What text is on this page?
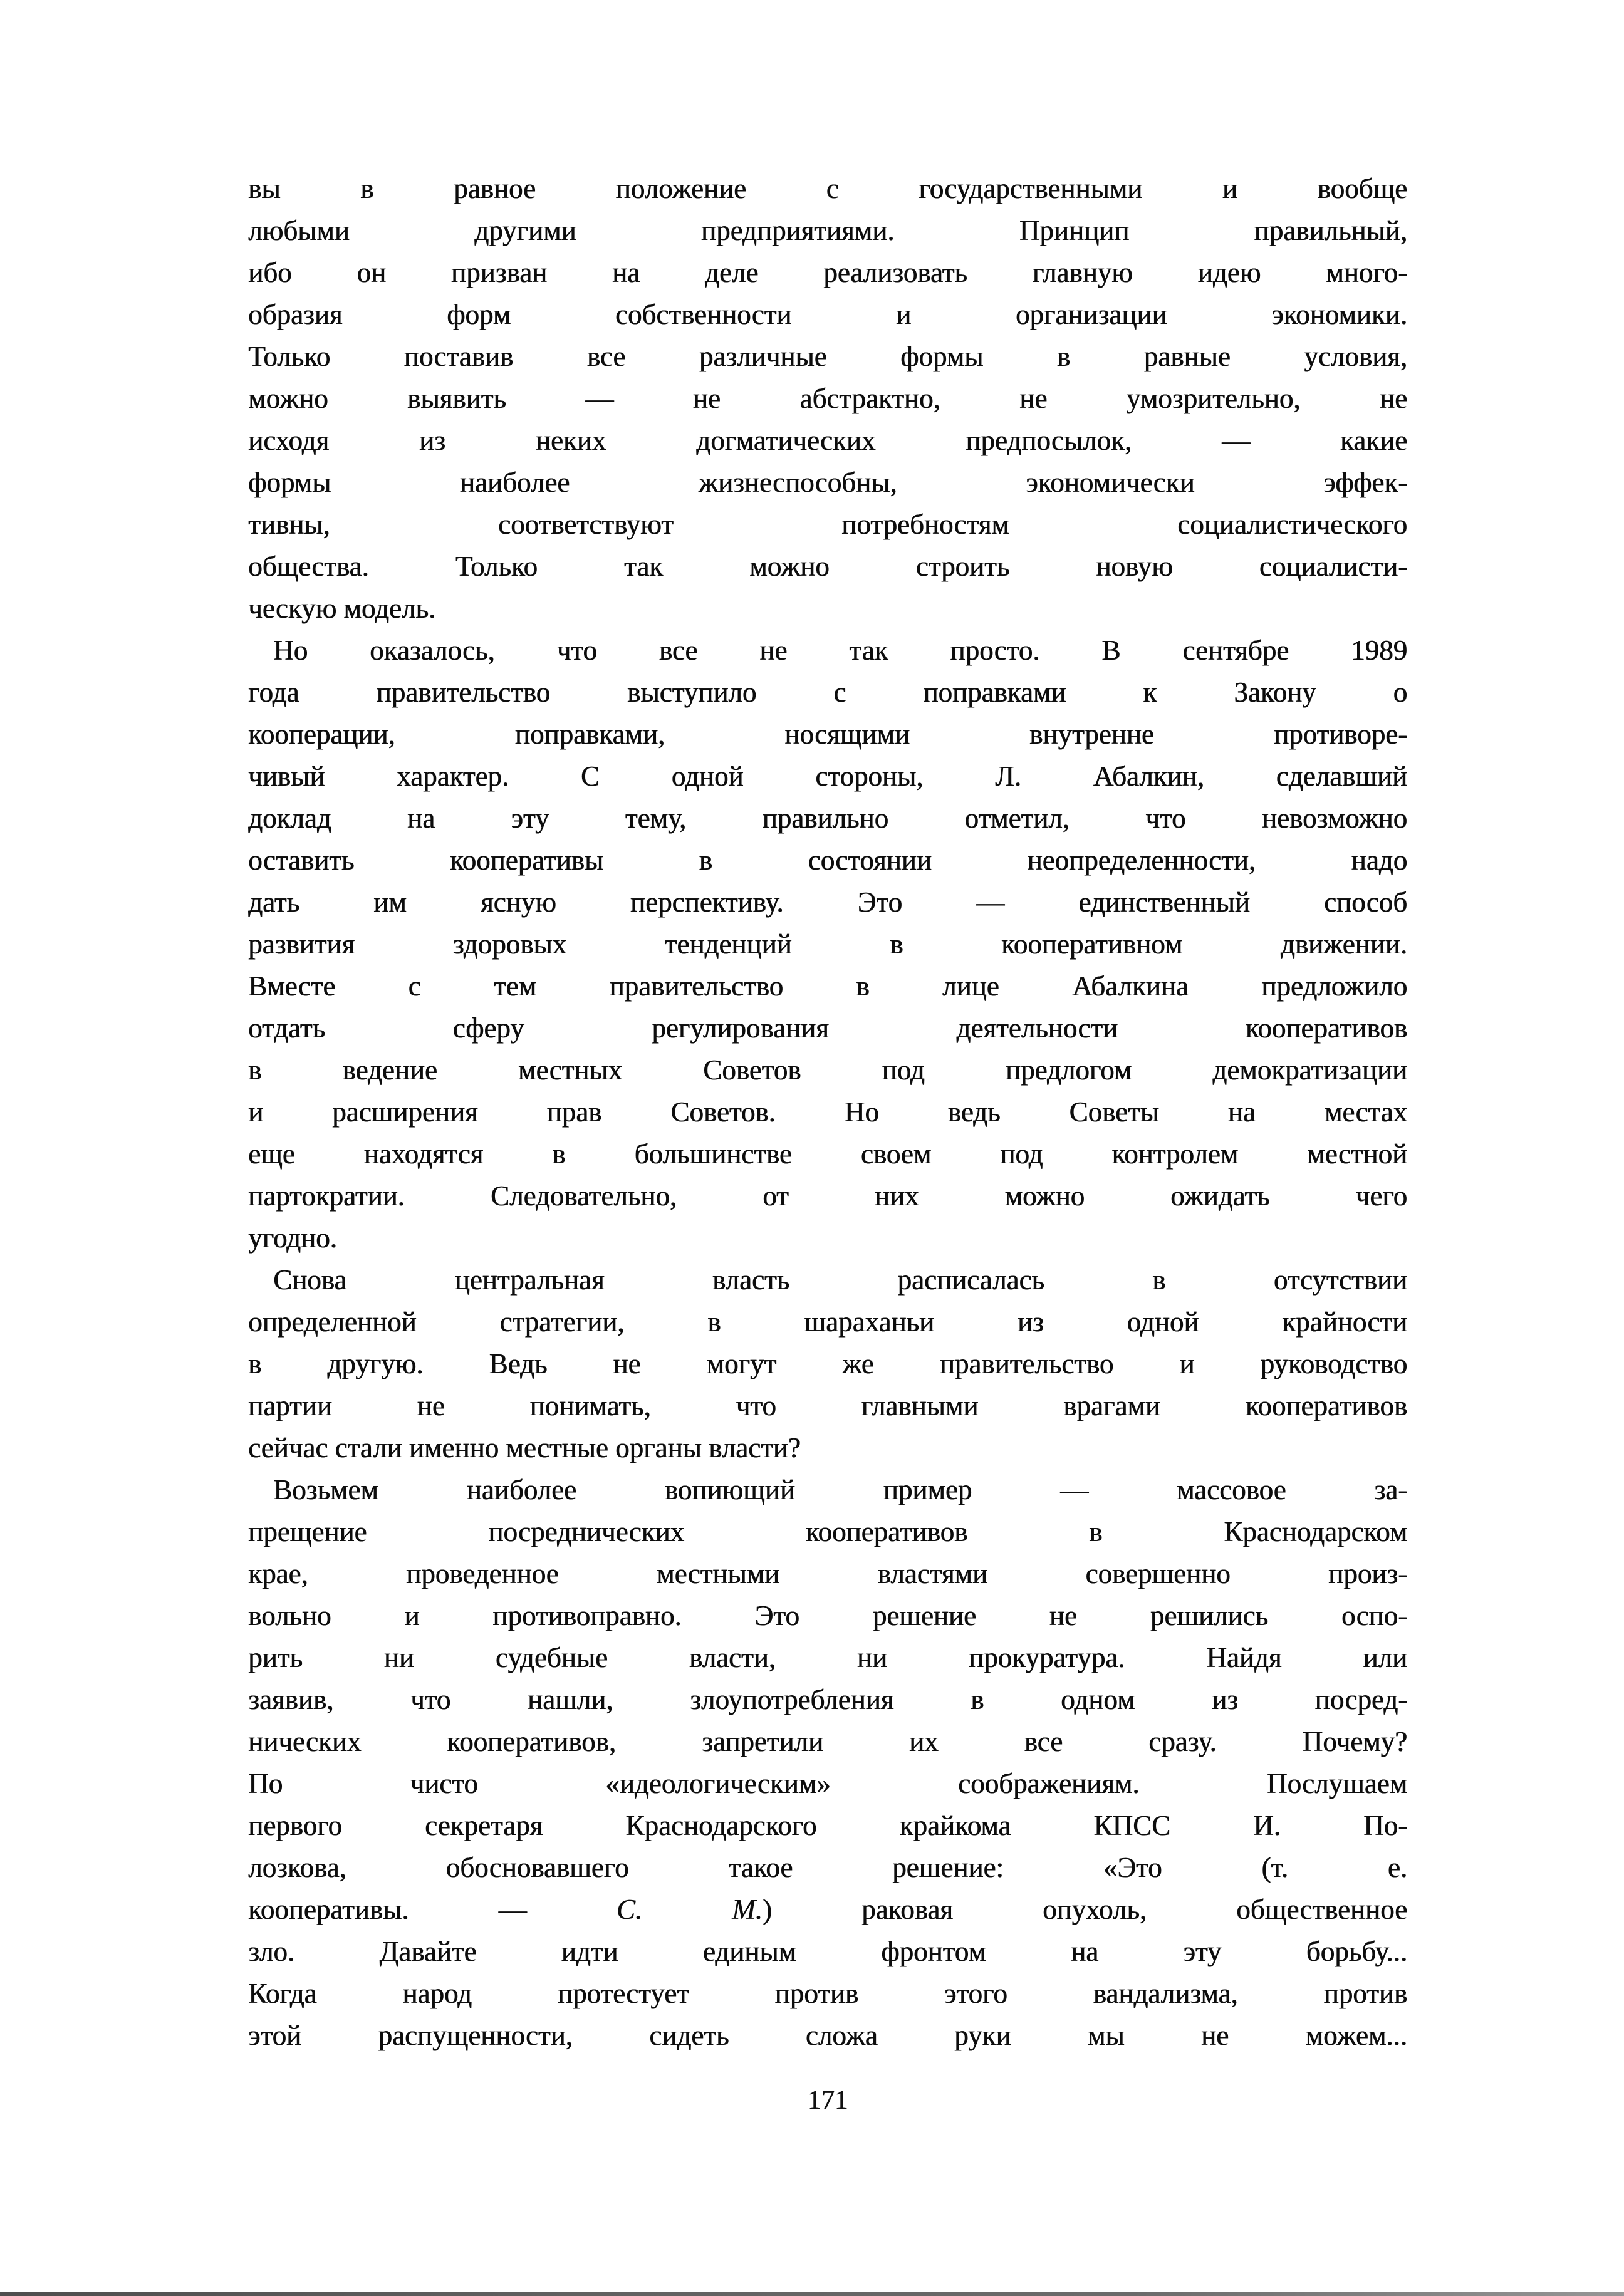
вы в равное положение с государственными и вообще
любыми другими предприятиями. Принцип правильный,
ибо он призван на деле реализовать главную идею много-
образия форм собственности и организации экономики.
Только поставив все различные формы в равные условия,
можно выявить — не абстрактно, не умозрительно, не
исходя из неких догматических предпосылок, — какие
формы наиболее жизнеспособны, экономически эффек-
тивны, соответствуют потребностям социалистического
общества. Только так можно строить новую социалисти-
ческую модель.
Но оказалось, что все не так просто. В сентябре 1989
года правительство выступило с поправками к Закону о
кооперации, поправками, носящими внутренне противоре-
чивый характер. С одной стороны, Л. Абалкин, сделавший
доклад на эту тему, правильно отметил, что невозможно
оставить кооперативы в состоянии неопределенности, надо
дать им ясную перспективу. Это — единственный способ
развития здоровых тенденций в кооперативном движении.
Вместе с тем правительство в лице Абалкина предложило
отдать сферу регулирования деятельности кооперативов
в ведение местных Советов под предлогом демократизации
и расширения прав Советов. Но ведь Советы на местах
еще находятся в большинстве своем под контролем местной
партократии. Следовательно, от них можно ожидать чего
угодно.
Снова центральная власть расписалась в отсутствии
определенной стратегии, в шараханьи из одной крайности
в другую. Ведь не могут же правительство и руководство
партии не понимать, что главными врагами кооперативов
сейчас стали именно местные органы власти?
Возьмем наиболее вопиющий пример — массовое за-
прещение посреднических кооперативов в Краснодарском
крае, проведенное местными властями совершенно произ-
вольно и противоправно. Это решение не решились оспо-
рить ни судебные власти, ни прокуратура. Найдя или
заявив, что нашли, злоупотребления в одном из посред-
нических кооперативов, запретили их все сразу. Почему?
По чисто «идеологическим» соображениям. Послушаем
первого секретаря Краснодарского крайкома КПСС И. По-
лозкова, обосновавшего такое решение: «Это (т. е.
кооперативы. — С. М.) раковая опухоль, общественное
зло. Давайте идти единым фронтом на эту борьбу...
Когда народ протестует против этого вандализма, против
этой распущенности, сидеть сложа руки мы не можем...
171
